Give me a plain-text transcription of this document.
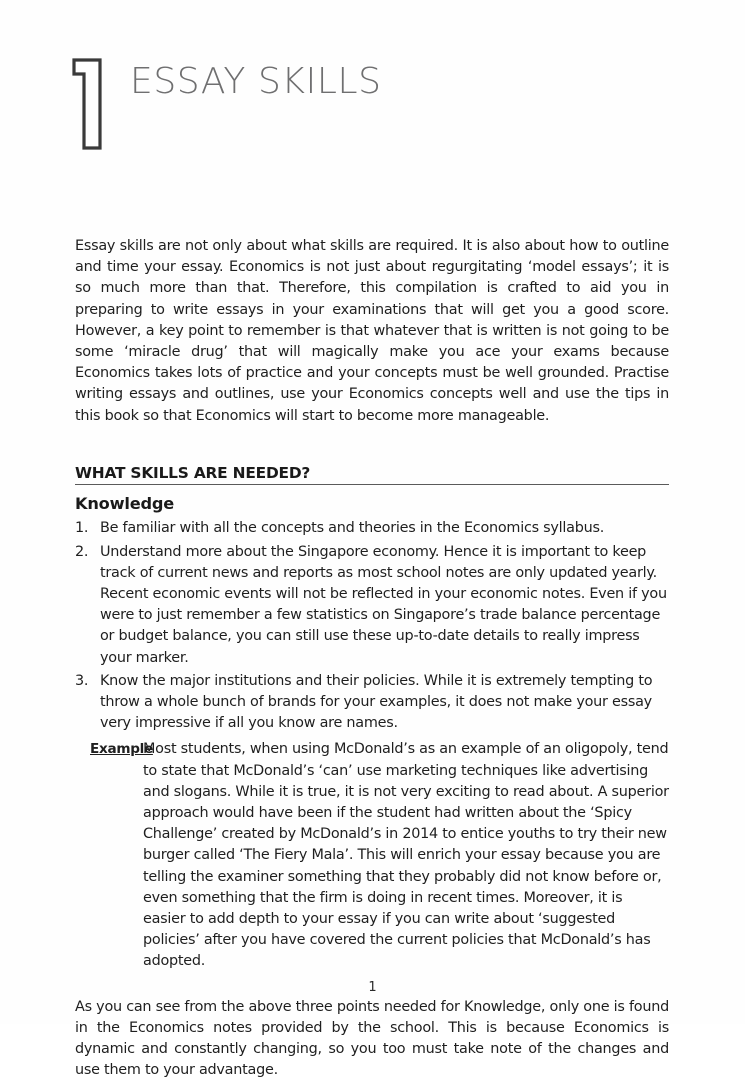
ESSAY SKILLS

Essay skills are not only about what skills are required. It is also about how to outline and time your essay. Economics is not just about regurgitating ‘model essays’; it is so much more than that. Therefore, this compilation is crafted to aid you in preparing to write essays in your examinations that will get you a good score. However, a key point to remember is that whatever that is written is not going to be some ‘miracle drug’ that will magically make you ace your exams because Economics takes lots of practice and your concepts must be well grounded. Practise writing essays and outlines, use your Economics concepts well and use the tips in this book so that Economics will start to become more manageable.

WHAT SKILLS ARE NEEDED?
Knowledge
1. Be familiar with all the concepts and theories in the Economics syllabus.
2. Understand more about the Singapore economy. Hence it is important to keep track of current news and reports as most school notes are only updated yearly. Recent economic events will not be reflected in your economic notes. Even if you were to just remember a few statistics on Singapore’s trade balance percentage or budget balance, you can still use these up-to-date details to really impress your marker.
3. Know the major institutions and their policies. While it is extremely tempting to throw a whole bunch of brands for your examples, it does not make your essay very impressive if all you know are names.
Example
Most students, when using McDonald’s as an example of an oligopoly, tend to state that McDonald’s ‘can’ use marketing techniques like advertising and slogans. While it is true, it is not very exciting to read about. A superior approach would have been if the student had written about the ‘Spicy Challenge’ created by McDonald’s in 2014 to entice youths to try their new burger called ‘The Fiery Mala’. This will enrich your essay because you are telling the examiner something that they probably did not know before or, even something that the firm is doing in recent times. Moreover, it is easier to add depth to your essay if you can write about ‘suggested policies’ after you have covered the current policies that McDonald’s has adopted.

As you can see from the above three points needed for Knowledge, only one is found in the Economics notes provided by the school. This is because Economics is dynamic and constantly changing, so you too must take note of the changes and use them to your advantage.

1
